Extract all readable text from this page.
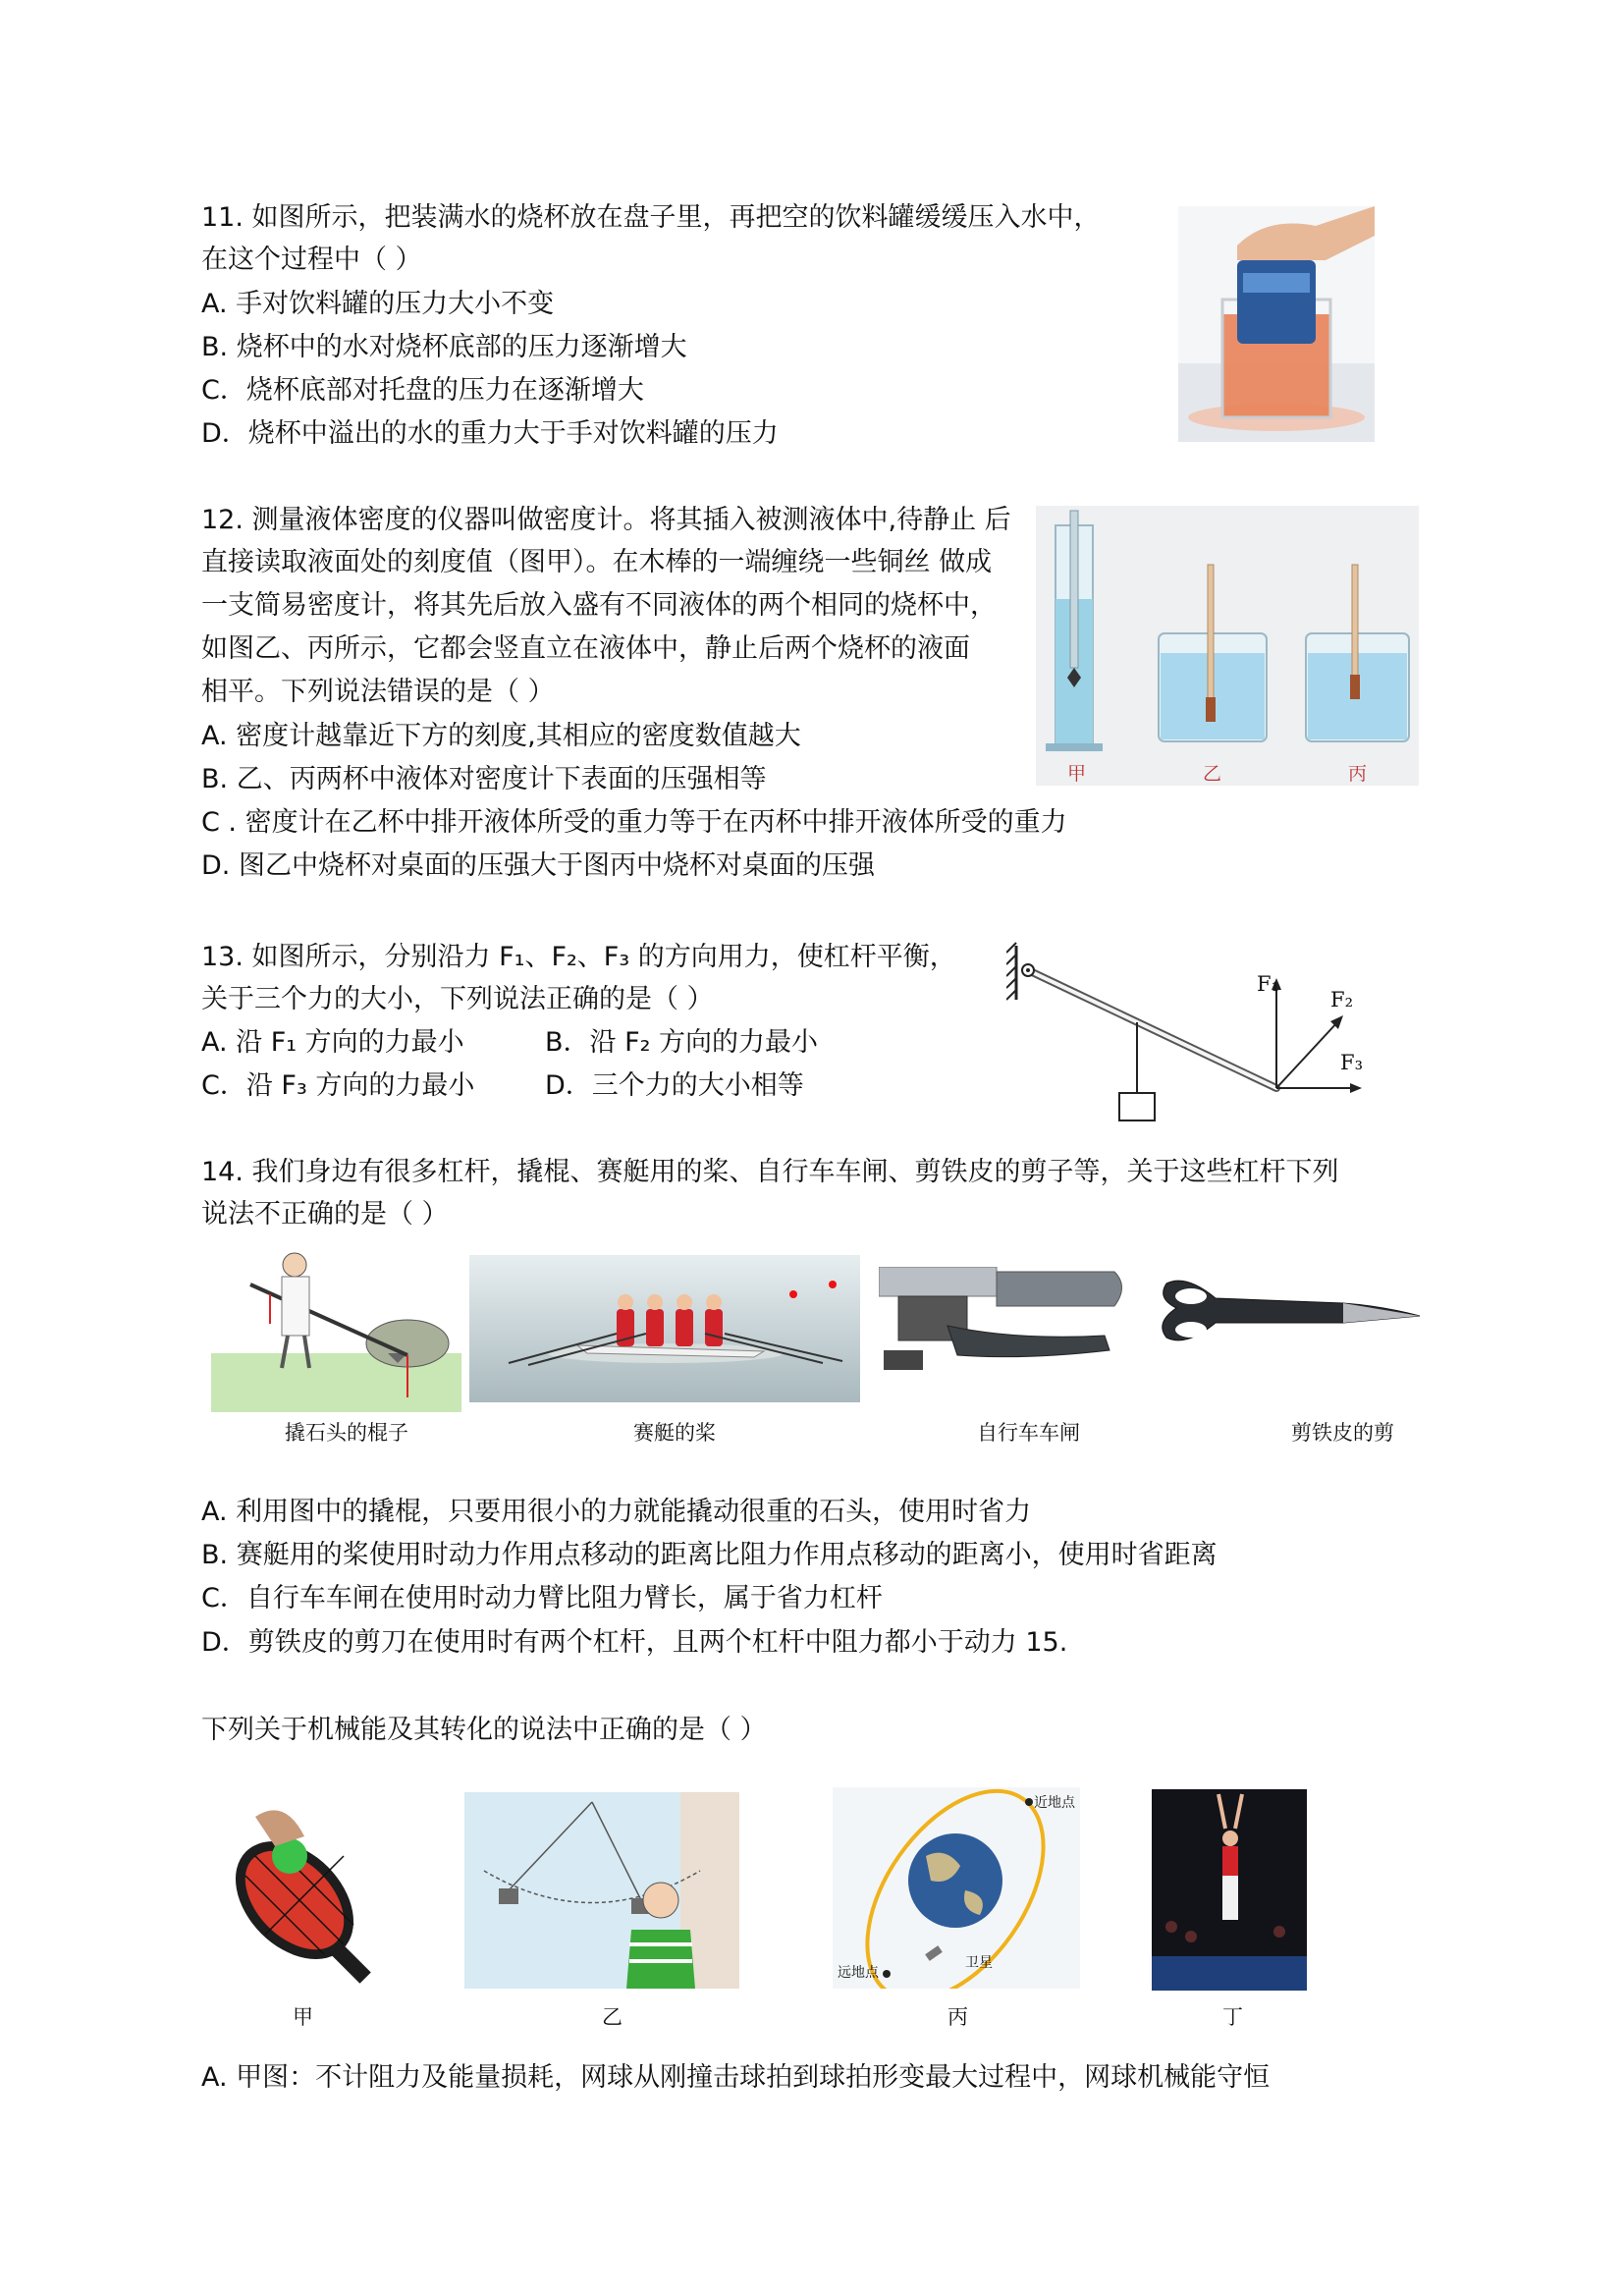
11. 如图所示，把装满水的烧杯放在盘子里，再把空的饮料罐缓缓压入水中，
在这个过程中（ ）
A. 手对饮料罐的压力大小不变
B. 烧杯中的水对烧杯底部的压力逐渐增大
C．烧杯底部对托盘的压力在逐渐增大
D．烧杯中溢出的水的重力大于手对饮料罐的压力
12. 测量液体密度的仪器叫做密度计。将其插入被测液体中,待静止 后
直接读取液面处的刻度值（图甲）。在木棒的一端缠绕一些铜丝 做成
一支简易密度计，将其先后放入盛有不同液体的两个相同的烧杯中，
如图乙、丙所示，它都会竖直立在液体中，静止后两个烧杯的液面
相平。下列说法错误的是（ ）
A. 密度计越靠近下方的刻度,其相应的密度数值越大
B. 乙、丙两杯中液体对密度计下表面的压强相等
C . 密度计在乙杯中排开液体所受的重力等于在丙杯中排开液体所受的重力
D. 图乙中烧杯对桌面的压强大于图丙中烧杯对桌面的压强
甲	乙	丙
13. 如图所示，分别沿力 F₁、F₂、F₃ 的方向用力，使杠杆平衡，
关于三个力的大小，下列说法正确的是（ ）
A. 沿 F₁ 方向的力最小	B．沿 F₂ 方向的力最小
C．沿 F₃ 方向的力最小	D．三个力的大小相等
F₁
F₂
F₃
14. 我们身边有很多杠杆，撬棍、赛艇用的桨、自行车车闸、剪铁皮的剪子等，关于这些杠杆下列
说法不正确的是（ ）
撬石头的棍子	赛艇的桨	自行车车闸	剪铁皮的剪
A. 利用图中的撬棍，只要用很小的力就能撬动很重的石头，使用时省力
B. 赛艇用的桨使用时动力作用点移动的距离比阻力作用点移动的距离小，使用时省距离
C．自行车车闸在使用时动力臂比阻力臂长，属于省力杠杆
D．剪铁皮的剪刀在使用时有两个杠杆，且两个杠杆中阻力都小于动力 15.
下列关于机械能及其转化的说法中正确的是（ ）
近地点
远地点
卫星
甲	乙	丙	丁
A. 甲图：不计阻力及能量损耗，网球从刚撞击球拍到球拍形变最大过程中，网球机械能守恒
